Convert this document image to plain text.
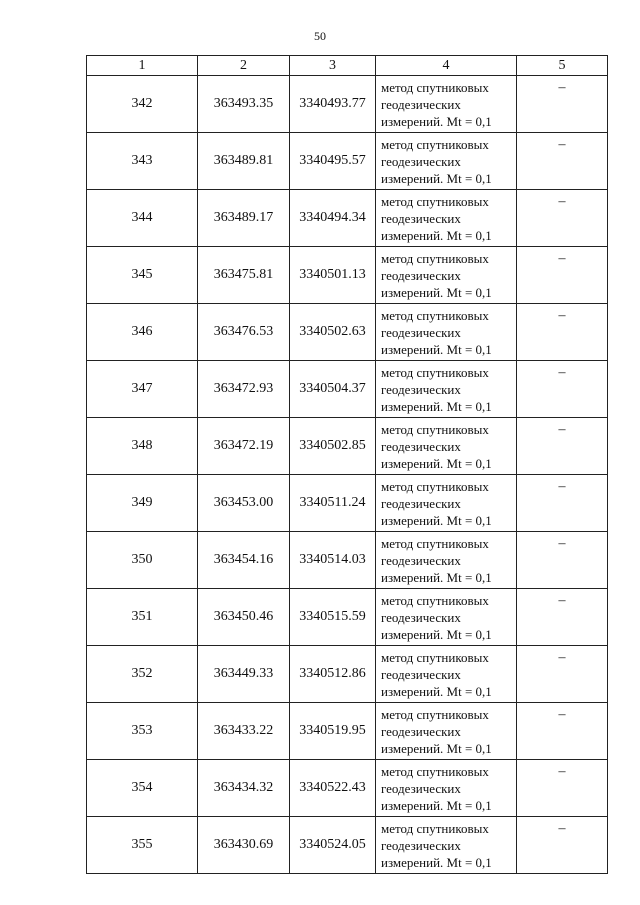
50
1	2	3	4	5
342	363493.35	3340493.77	метод спутниковых
геодезических
измерений. Mt = 0,1	–
343	363489.81	3340495.57	метод спутниковых
геодезических
измерений. Mt = 0,1	–
344	363489.17	3340494.34	метод спутниковых
геодезических
измерений. Mt = 0,1	–
345	363475.81	3340501.13	метод спутниковых
геодезических
измерений. Mt = 0,1	–
346	363476.53	3340502.63	метод спутниковых
геодезических
измерений. Mt = 0,1	–
347	363472.93	3340504.37	метод спутниковых
геодезических
измерений. Mt = 0,1	–
348	363472.19	3340502.85	метод спутниковых
геодезических
измерений. Mt = 0,1	–
349	363453.00	3340511.24	метод спутниковых
геодезических
измерений. Mt = 0,1	–
350	363454.16	3340514.03	метод спутниковых
геодезических
измерений. Mt = 0,1	–
351	363450.46	3340515.59	метод спутниковых
геодезических
измерений. Mt = 0,1	–
352	363449.33	3340512.86	метод спутниковых
геодезических
измерений. Mt = 0,1	–
353	363433.22	3340519.95	метод спутниковых
геодезических
измерений. Mt = 0,1	–
354	363434.32	3340522.43	метод спутниковых
геодезических
измерений. Mt = 0,1	–
355	363430.69	3340524.05	метод спутниковых
геодезических
измерений. Mt = 0,1	–
